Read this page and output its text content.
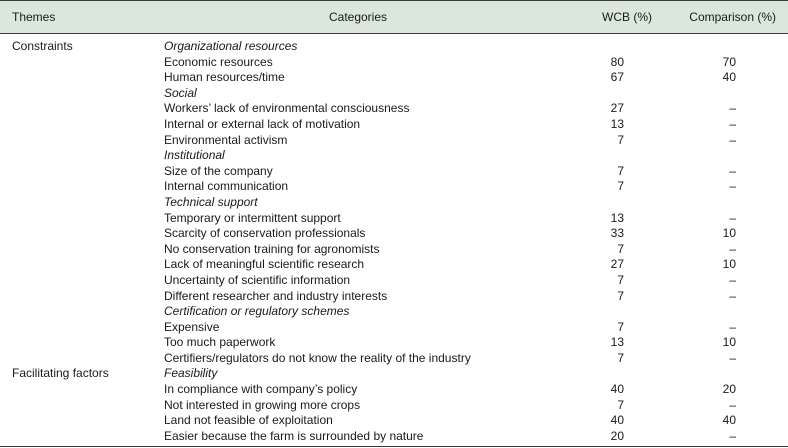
Themes	Categories	WCB (%)	Comparison (%)
Constraints	Organizational resources		
	Economic resources	80	70
	Human resources/time	67	40
	Social		
	Workers’ lack of environmental consciousness	27	–
	Internal or external lack of motivation	13	–
	Environmental activism	7	–
	Institutional		
	Size of the company	7	–
	Internal communication	7	–
	Technical support		
	Temporary or intermittent support	13	–
	Scarcity of conservation professionals	33	10
	No conservation training for agronomists	7	–
	Lack of meaningful scientific research	27	10
	Uncertainty of scientific information	7	–
	Different researcher and industry interests	7	–
	Certification or regulatory schemes		
	Expensive	7	–
	Too much paperwork	13	10
	Certifiers/regulators do not know the reality of the industry	7	–
Facilitating factors	Feasibility		
	In compliance with company’s policy	40	20
	Not interested in growing more crops	7	–
	Land not feasible of exploitation	40	40
	Easier because the farm is surrounded by nature	20	–
